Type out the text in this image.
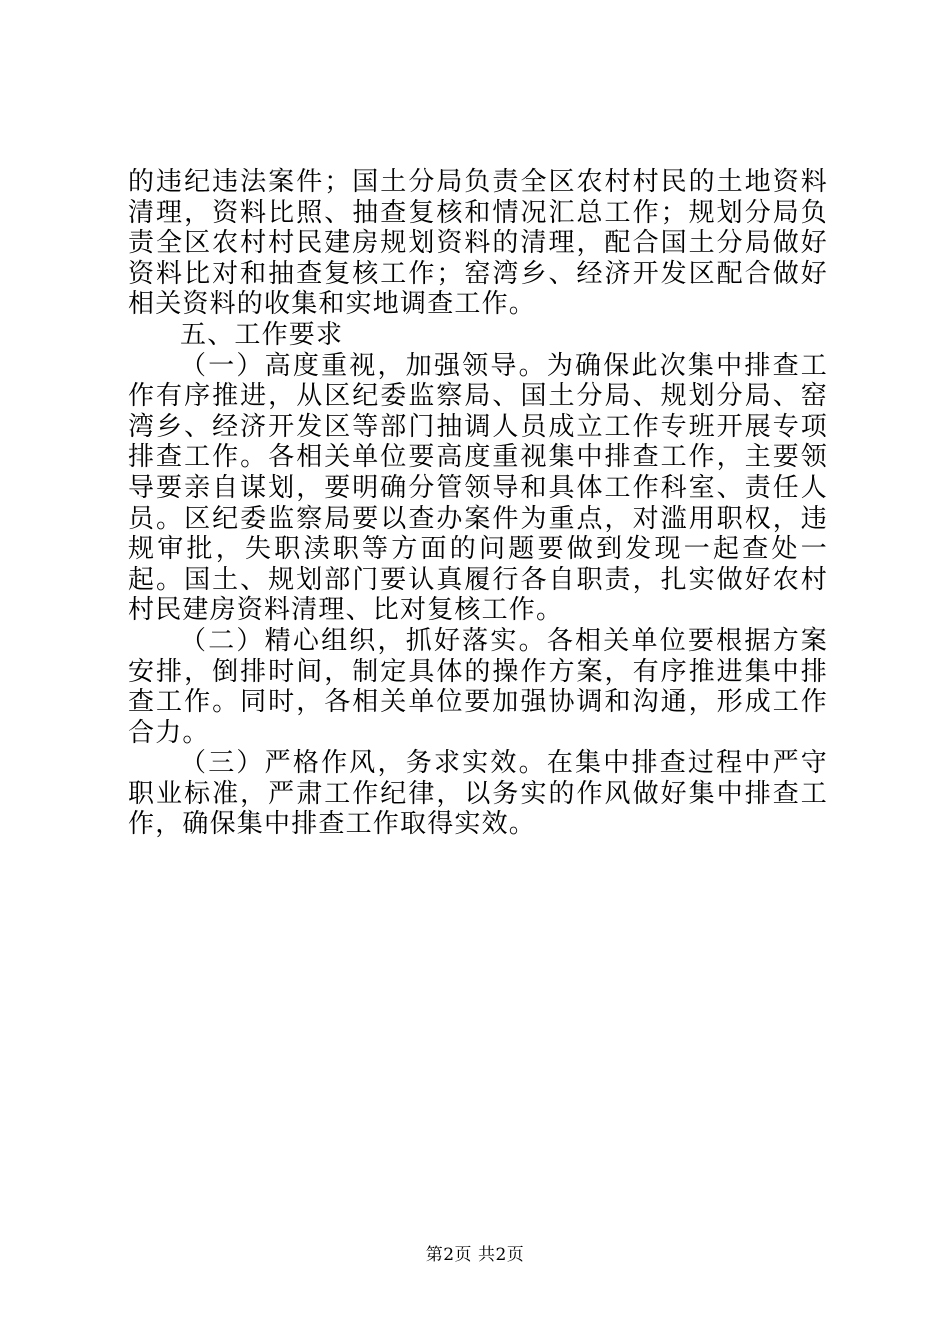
的违纪违法案件；国土分局负责全区农村村民的土地资料清理，资料比照、抽查复核和情况汇总工作；规划分局负责全区农村村民建房规划资料的清理，配合国土分局做好资料比对和抽查复核工作；窑湾乡、经济开发区配合做好相关资料的收集和实地调查工作。

五、工作要求

（一）高度重视，加强领导。为确保此次集中排查工作有序推进，从区纪委监察局、国土分局、规划分局、窑湾乡、经济开发区等部门抽调人员成立工作专班开展专项排查工作。各相关单位要高度重视集中排查工作，主要领导要亲自谋划，要明确分管领导和具体工作科室、责任人员。区纪委监察局要以查办案件为重点，对滥用职权，违规审批，失职渎职等方面的问题要做到发现一起查处一起。国土、规划部门要认真履行各自职责，扎实做好农村村民建房资料清理、比对复核工作。

（二）精心组织，抓好落实。各相关单位要根据方案安排，倒排时间，制定具体的操作方案，有序推进集中排查工作。同时，各相关单位要加强协调和沟通，形成工作合力。

（三）严格作风，务求实效。在集中排查过程中严守职业标准，严肃工作纪律，以务实的作风做好集中排查工作，确保集中排查工作取得实效。

第2页 共2页
